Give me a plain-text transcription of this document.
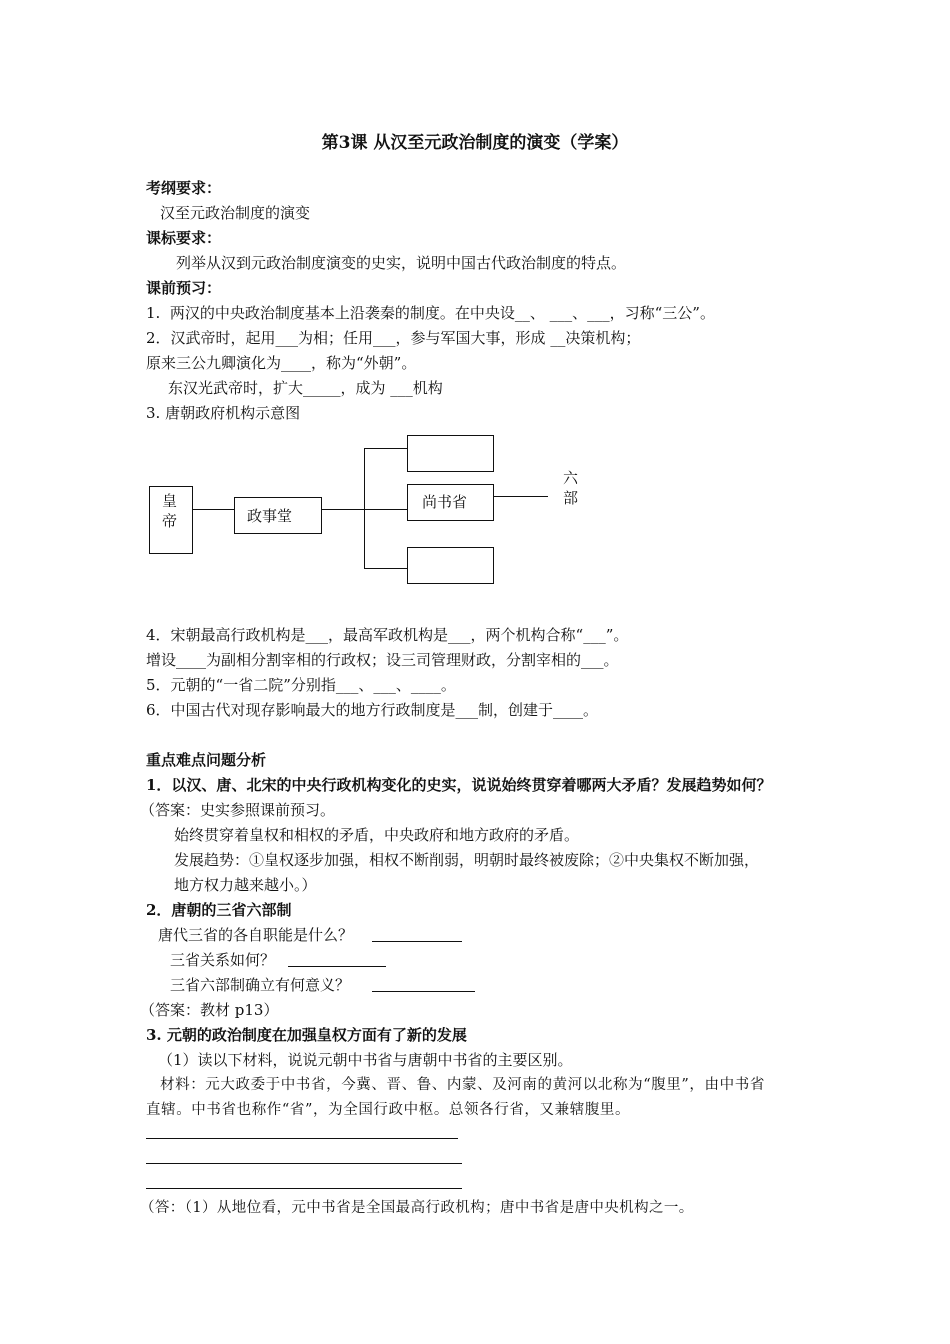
第3课 从汉至元政治制度的演变（学案）
考纲要求：
汉至元政治制度的演变
课标要求：
列举从汉到元政治制度演变的史实，说明中国古代政治制度的特点。
课前预习：
1.  两汉的中央政治制度基本上沿袭秦的制度。在中央设__、 ___、___，习称“三公”。
2．汉武帝时，起用___为相；任用___，参与军国大事，形成 __决策机构；
原来三公九卿演化为____，称为“外朝”。
东汉光武帝时，扩大_____，成为 ___机构
3. 唐朝政府机构示意图
皇
帝	政事堂
尚书省
六
部
4．宋朝最高行政机构是___，最高军政机构是___，两个机构合称“___”。
增设____为副相分割宰相的行政权；设三司管理财政，分割宰相的___。
5．元朝的“一省二院”分别指___、___、____。
6．中国古代对现存影响最大的地方行政制度是___制，创建于____。
重点难点问题分析
1．以汉、唐、北宋的中央行政机构变化的史实，说说始终贯穿着哪两大矛盾？发展趋势如何？
（答案：史实参照课前预习。
始终贯穿着皇权和相权的矛盾，中央政府和地方政府的矛盾。
发展趋势：①皇权逐步加强，相权不断削弱，明朝时最终被废除；②中央集权不断加强，
地方权力越来越小。）
2．唐朝的三省六部制
唐代三省的各自职能是什么？
三省关系如何？
三省六部制确立有何意义？
（答案：教材 p13）
3. 元朝的政治制度在加强皇权方面有了新的发展
（1）读以下材料，说说元朝中书省与唐朝中书省的主要区别。
材料：元大政委于中书省，今冀、晋、鲁、内蒙、及河南的黄河以北称为“腹里”，由中书省
直辖。中书省也称作“省”，为全国行政中枢。总领各行省，又兼辖腹里。
（答：（1）从地位看，元中书省是全国最高行政机构；唐中书省是唐中央机构之一。
